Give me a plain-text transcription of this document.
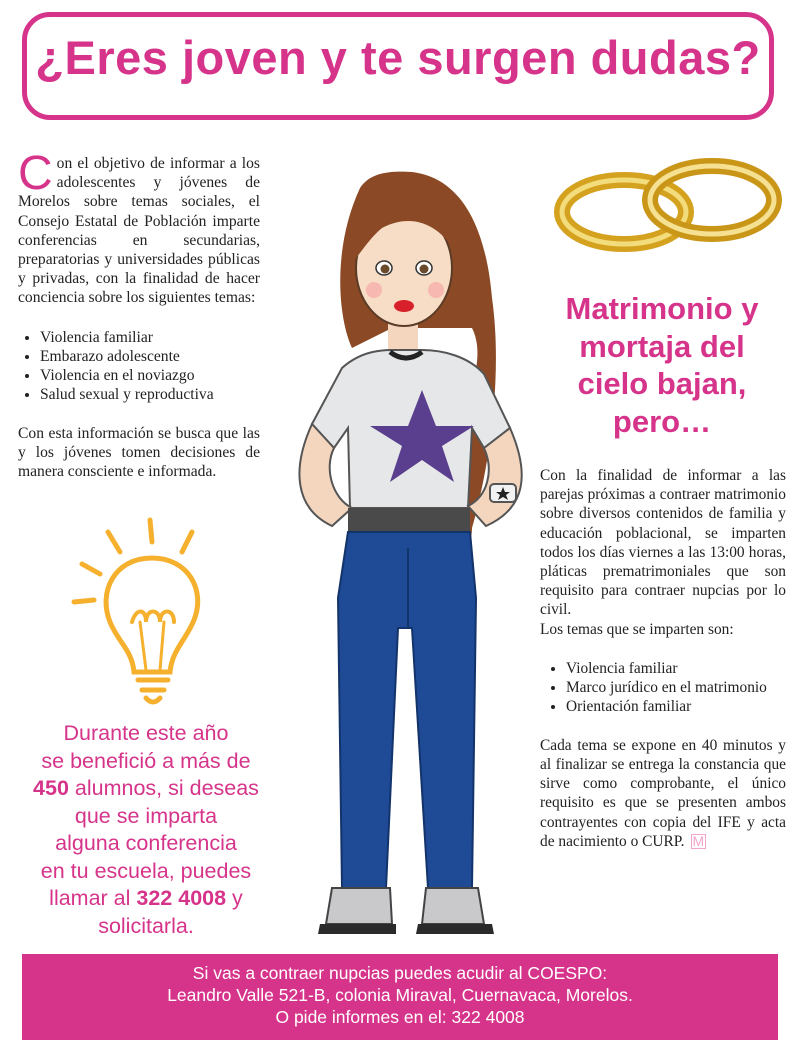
¿Eres joven y te surgen dudas?

Con el objetivo de informar a los adolescentes y jóvenes de Morelos sobre temas sociales, el Consejo Estatal de Población imparte conferencias en secundarias, preparatorias y universidades públicas y privadas, con la finalidad de hacer conciencia sobre los siguientes temas:

• Violencia familiar
• Embarazo adolescente
• Violencia en el noviazgo
• Salud sexual y reproductiva

Con esta información se busca que las y los jóvenes tomen decisiones de manera consciente e informada.

Durante este año
se benefició a más de
450 alumnos, si deseas
que se imparta
alguna conferencia
en tu escuela, puedes
llamar al 322 4008 y
solicitarla.
Matrimonio y
mortaja del
cielo bajan,
pero…

Con la finalidad de informar a las parejas próximas a contraer matrimonio sobre diversos contenidos de familia y educación poblacional, se imparten todos los días viernes a las 13:00 horas, pláticas prematrimoniales que son requisito para contraer nupcias por lo civil.

Los temas que se imparten son:

• Violencia familiar
• Marco jurídico en el matrimonio
• Orientación familiar

Cada tema se expone en 40 minutos y al finalizar se entrega la constancia que sirve como comprobante, el único requisito es que se presenten ambos contrayentes con copia del IFE y acta de nacimiento o CURP. M

Si vas a contraer nupcias puedes acudir al COESPO:
Leandro Valle 521-B, colonia Miraval, Cuernavaca, Morelos.
O pide informes en el: 322 4008
